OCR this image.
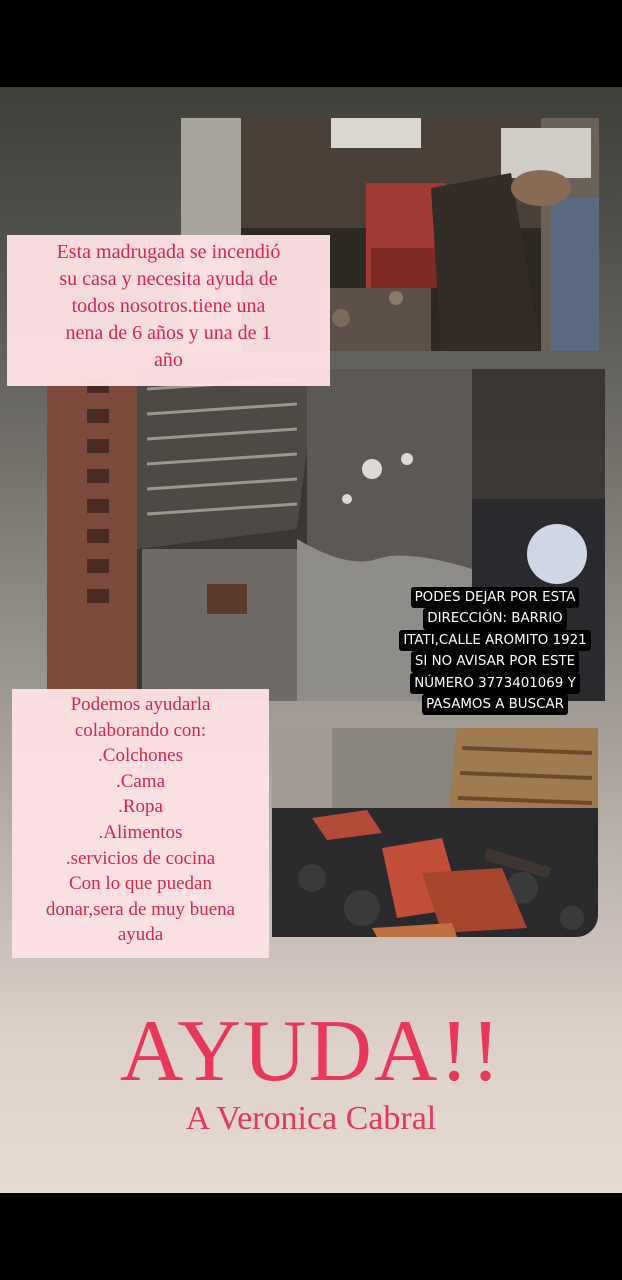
Esta madrugada se incendió
su casa y necesita ayuda de
todos nosotros.tiene una
nena de 6 años y una de 1
año
PODES DEJAR POR ESTA
DIRECCIÓN: BARRIO
ITATI,CALLE AROMITO 1921
SI NO AVISAR POR ESTE
NÚMERO 3773401069 Y
PASAMOS A BUSCAR
Podemos ayudarla
colaborando con:
.Colchones
.Cama
.Ropa
.Alimentos
.servicios de cocina
Con lo que puedan
donar,sera de muy buena
ayuda
AYUDA!!
A Veronica Cabral
